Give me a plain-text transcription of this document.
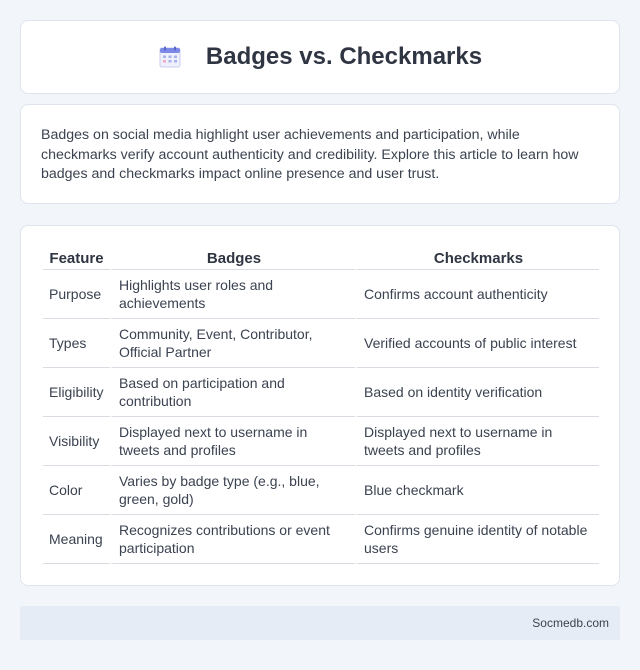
Badges vs. Checkmarks

Badges on social media highlight user achievements and participation, while checkmarks verify account authenticity and credibility. Explore this article to learn how badges and checkmarks impact online presence and user trust.

Feature	Badges	Checkmarks
Purpose	Highlights user roles and achievements	Confirms account authenticity
Types	Community, Event, Contributor, Official Partner	Verified accounts of public interest
Eligibility	Based on participation and contribution	Based on identity verification
Visibility	Displayed next to username in tweets and profiles	Displayed next to username in tweets and profiles
Color	Varies by badge type (e.g., blue, green, gold)	Blue checkmark
Meaning	Recognizes contributions or event participation	Confirms genuine identity of notable users
Socmedb.com
